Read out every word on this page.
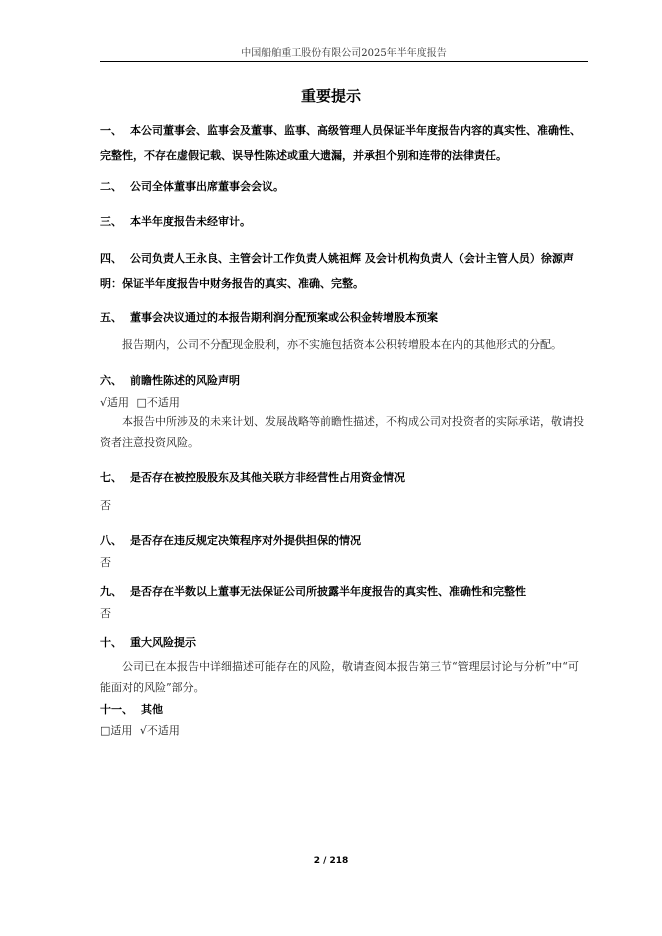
中国船舶重工股份有限公司2025年半年度报告
重要提示
一、 本公司董事会、监事会及董事、监事、高级管理人员保证半年度报告内容的真实性、准确性、完整性，不存在虚假记载、误导性陈述或重大遗漏，并承担个别和连带的法律责任。
二、 公司全体董事出席董事会会议。
三、 本半年度报告未经审计。
四、 公司负责人王永良、主管会计工作负责人姚祖辉 及会计机构负责人（会计主管人员）徐源声明：保证半年度报告中财务报告的真实、准确、完整。
五、 董事会决议通过的本报告期利润分配预案或公积金转增股本预案
报告期内，公司不分配现金股利，亦不实施包括资本公积转增股本在内的其他形式的分配。
六、 前瞻性陈述的风险声明
√适用 □不适用
本报告中所涉及的未来计划、发展战略等前瞻性描述，不构成公司对投资者的实际承诺，敬请投资者注意投资风险。
七、 是否存在被控股股东及其他关联方非经营性占用资金情况
否
八、 是否存在违反规定决策程序对外提供担保的情况
否
九、 是否存在半数以上董事无法保证公司所披露半年度报告的真实性、准确性和完整性
否
十、 重大风险提示
公司已在本报告中详细描述可能存在的风险，敬请查阅本报告第三节“管理层讨论与分析”中“可能面对的风险”部分。
十一、 其他
□适用 √不适用
2 / 218
